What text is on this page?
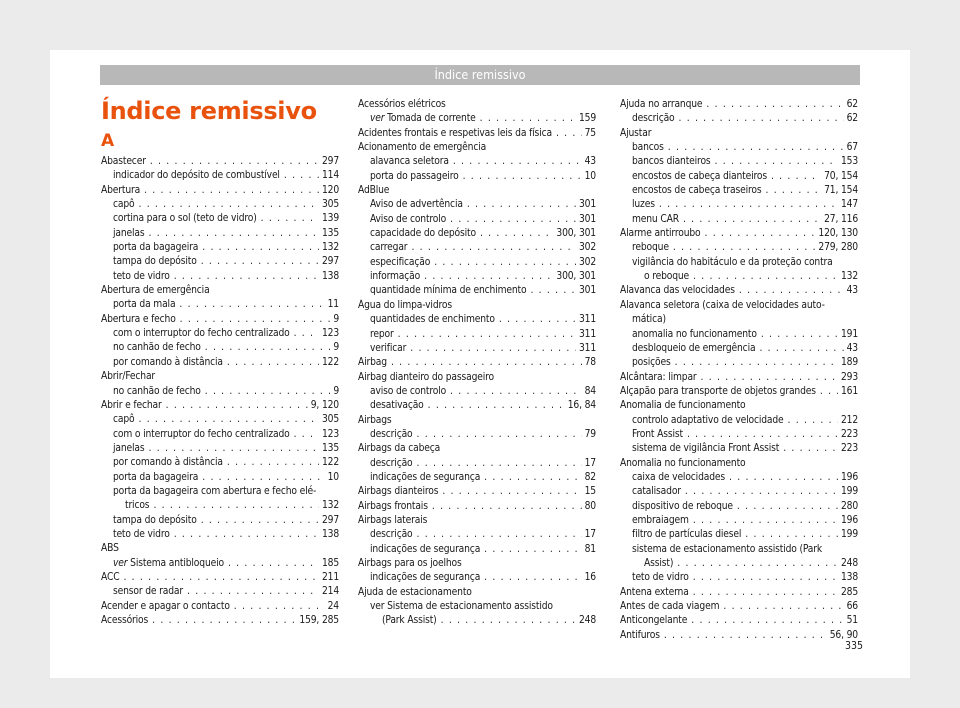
Índice remissivo
Índice remissivo
A
Abastecer . . .	297
indicador do depósito de combustível . . .	114
Abertura . . .	120
capô . . .	305
cortina para o sol (teto de vidro) . . .	139
janelas . . .	135
porta da bagageira . . .	132
tampa do depósito . . .	297
teto de vidro . . .	138
Abertura de emergência
porta da mala . . .	11
Abertura e fecho . . .	9
com o interruptor do fecho centralizado . . .	123
no canhão de fecho . . .	9
por comando à distância . . .	122
Abrir/Fechar
no canhão de fecho . . .	9
Abrir e fechar . . .	9, 120
capô . . .	305
com o interruptor do fecho centralizado . . .	123
janelas . . .	135
por comando à distância . . .	122
porta da bagageira . . .	10
porta da bagageira com abertura e fecho elé-
tricos . . .	132
tampa do depósito . . .	297
teto de vidro . . .	138
ABS
ver Sistema antibloqueio . . .	185
ACC . . .	211
sensor de radar . . .	214
Acender e apagar o contacto . . .	24
Acessórios . . .	159, 285
Acessórios elétricos
ver Tomada de corrente . . .	159
Acidentes frontais e respetivas leis da física . . .	75
Acionamento de emergência
alavanca seletora . . .	43
porta do passageiro . . .	10
AdBlue
Aviso de advertência . . .	301
Aviso de controlo . . .	301
capacidade do depósito . . .	300, 301
carregar . . .	302
especificação . . .	302
informação . . .	300, 301
quantidade mínima de enchimento . . .	301
Água do limpa-vidros
quantidades de enchimento . . .	311
repor . . .	311
verificar . . .	311
Airbag . . .	78
Airbag dianteiro do passageiro
aviso de controlo . . .	84
desativação . . .	16, 84
Airbags
descrição . . .	79
Airbags da cabeça
descrição . . .	17
indicações de segurança . . .	82
Airbags dianteiros . . .	15
Airbags frontais . . .	80
Airbags laterais
descrição . . .	17
indicações de segurança . . .	81
Airbags para os joelhos
indicações de segurança . . .	16
Ajuda de estacionamento
ver Sistema de estacionamento assistido
(Park Assist) . . .	248
Ajuda no arranque . . .	62
descrição . . .	62
Ajustar
bancos . . .	67
bancos dianteiros . . .	153
encostos de cabeça dianteiros . . .	70, 154
encostos de cabeça traseiros . . .	71, 154
luzes . . .	147
menu CAR . . .	27, 116
Alarme antirroubo . . .	120, 130
reboque . . .	279, 280
vigilância do habitáculo e da proteção contra
o reboque . . .	132
Alavanca das velocidades . . .	43
Alavanca seletora (caixa de velocidades auto-
mática)
anomalia no funcionamento . . .	191
desbloqueio de emergência . . .	43
posições . . .	189
Alcântara: limpar . . .	293
Alçapão para transporte de objetos grandes . . . 161
Anomalia de funcionamento
controlo adaptativo de velocidade . . .	212
Front Assist . . .	223
sistema de vigilância Front Assist . . .	223
Anomalia no funcionamento
caixa de velocidades . . .	196
catalisador . . .	199
dispositivo de reboque . . .	280
embraiagem . . .	196
filtro de partículas diesel . . .	199
sistema de estacionamento assistido (Park
Assist) . . .	248
teto de vidro . . .	138
Antena externa . . .	285
Antes de cada viagem . . .	66
Anticongelante . . .	51
Antifuros . . .	56, 90
335
